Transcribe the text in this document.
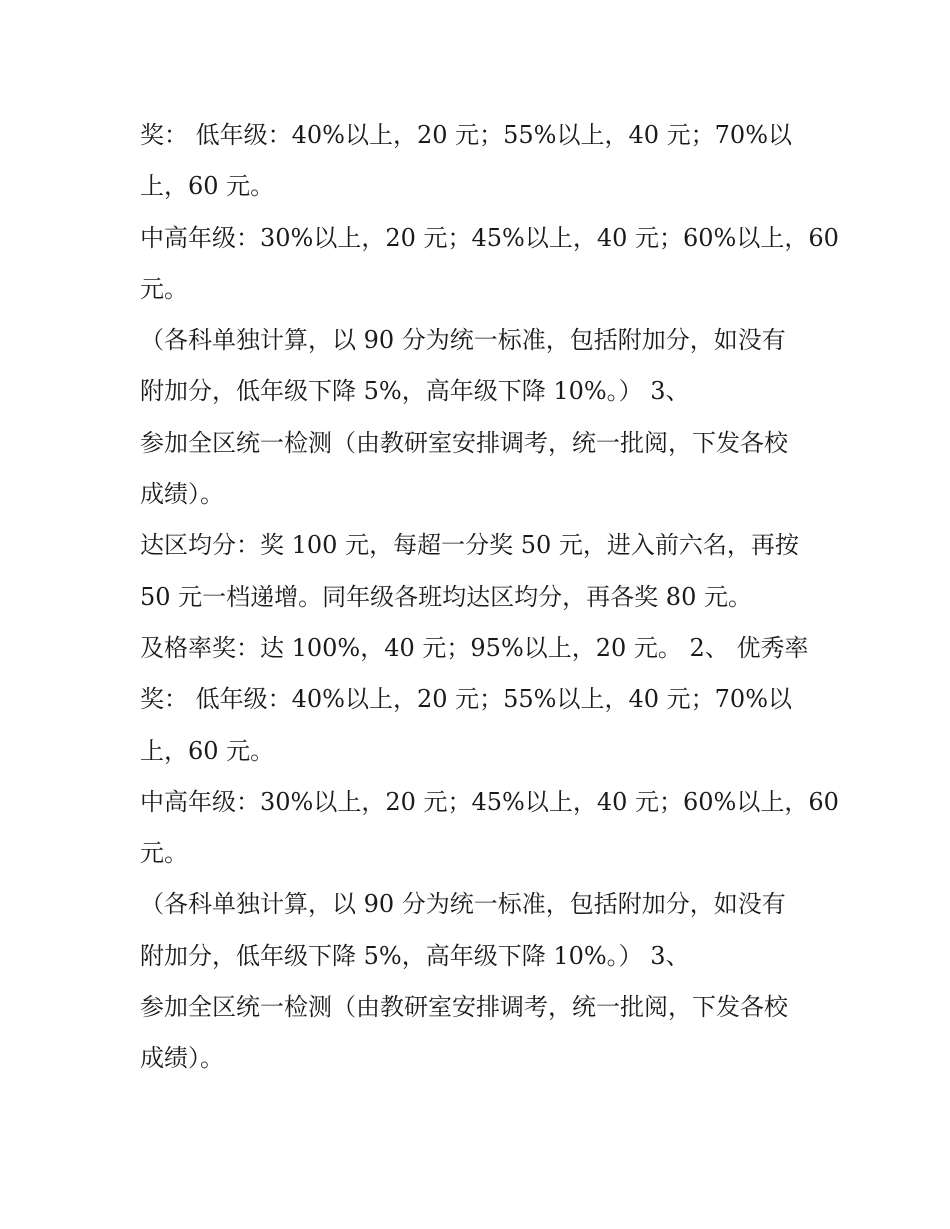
奖： 低年级：40%以上，20 元；55%以上，40 元；70%以
上，60 元。
中高年级：30%以上，20 元；45%以上，40 元；60%以上，60
元。
（各科单独计算，以 90 分为统一标准，包括附加分，如没有
附加分，低年级下降 5%，高年级下降 10%。） 3、
参加全区统一检测（由教研室安排调考，统一批阅，下发各校
成绩）。
达区均分：奖 100 元，每超一分奖 50 元，进入前六名，再按
50 元一档递增。同年级各班均达区均分，再各奖 80 元。
及格率奖：达 100%，40 元；95%以上，20 元。 2、 优秀率
奖： 低年级：40%以上，20 元；55%以上，40 元；70%以
上，60 元。
中高年级：30%以上，20 元；45%以上，40 元；60%以上，60
元。
（各科单独计算，以 90 分为统一标准，包括附加分，如没有
附加分，低年级下降 5%，高年级下降 10%。） 3、
参加全区统一检测（由教研室安排调考，统一批阅，下发各校
成绩）。
